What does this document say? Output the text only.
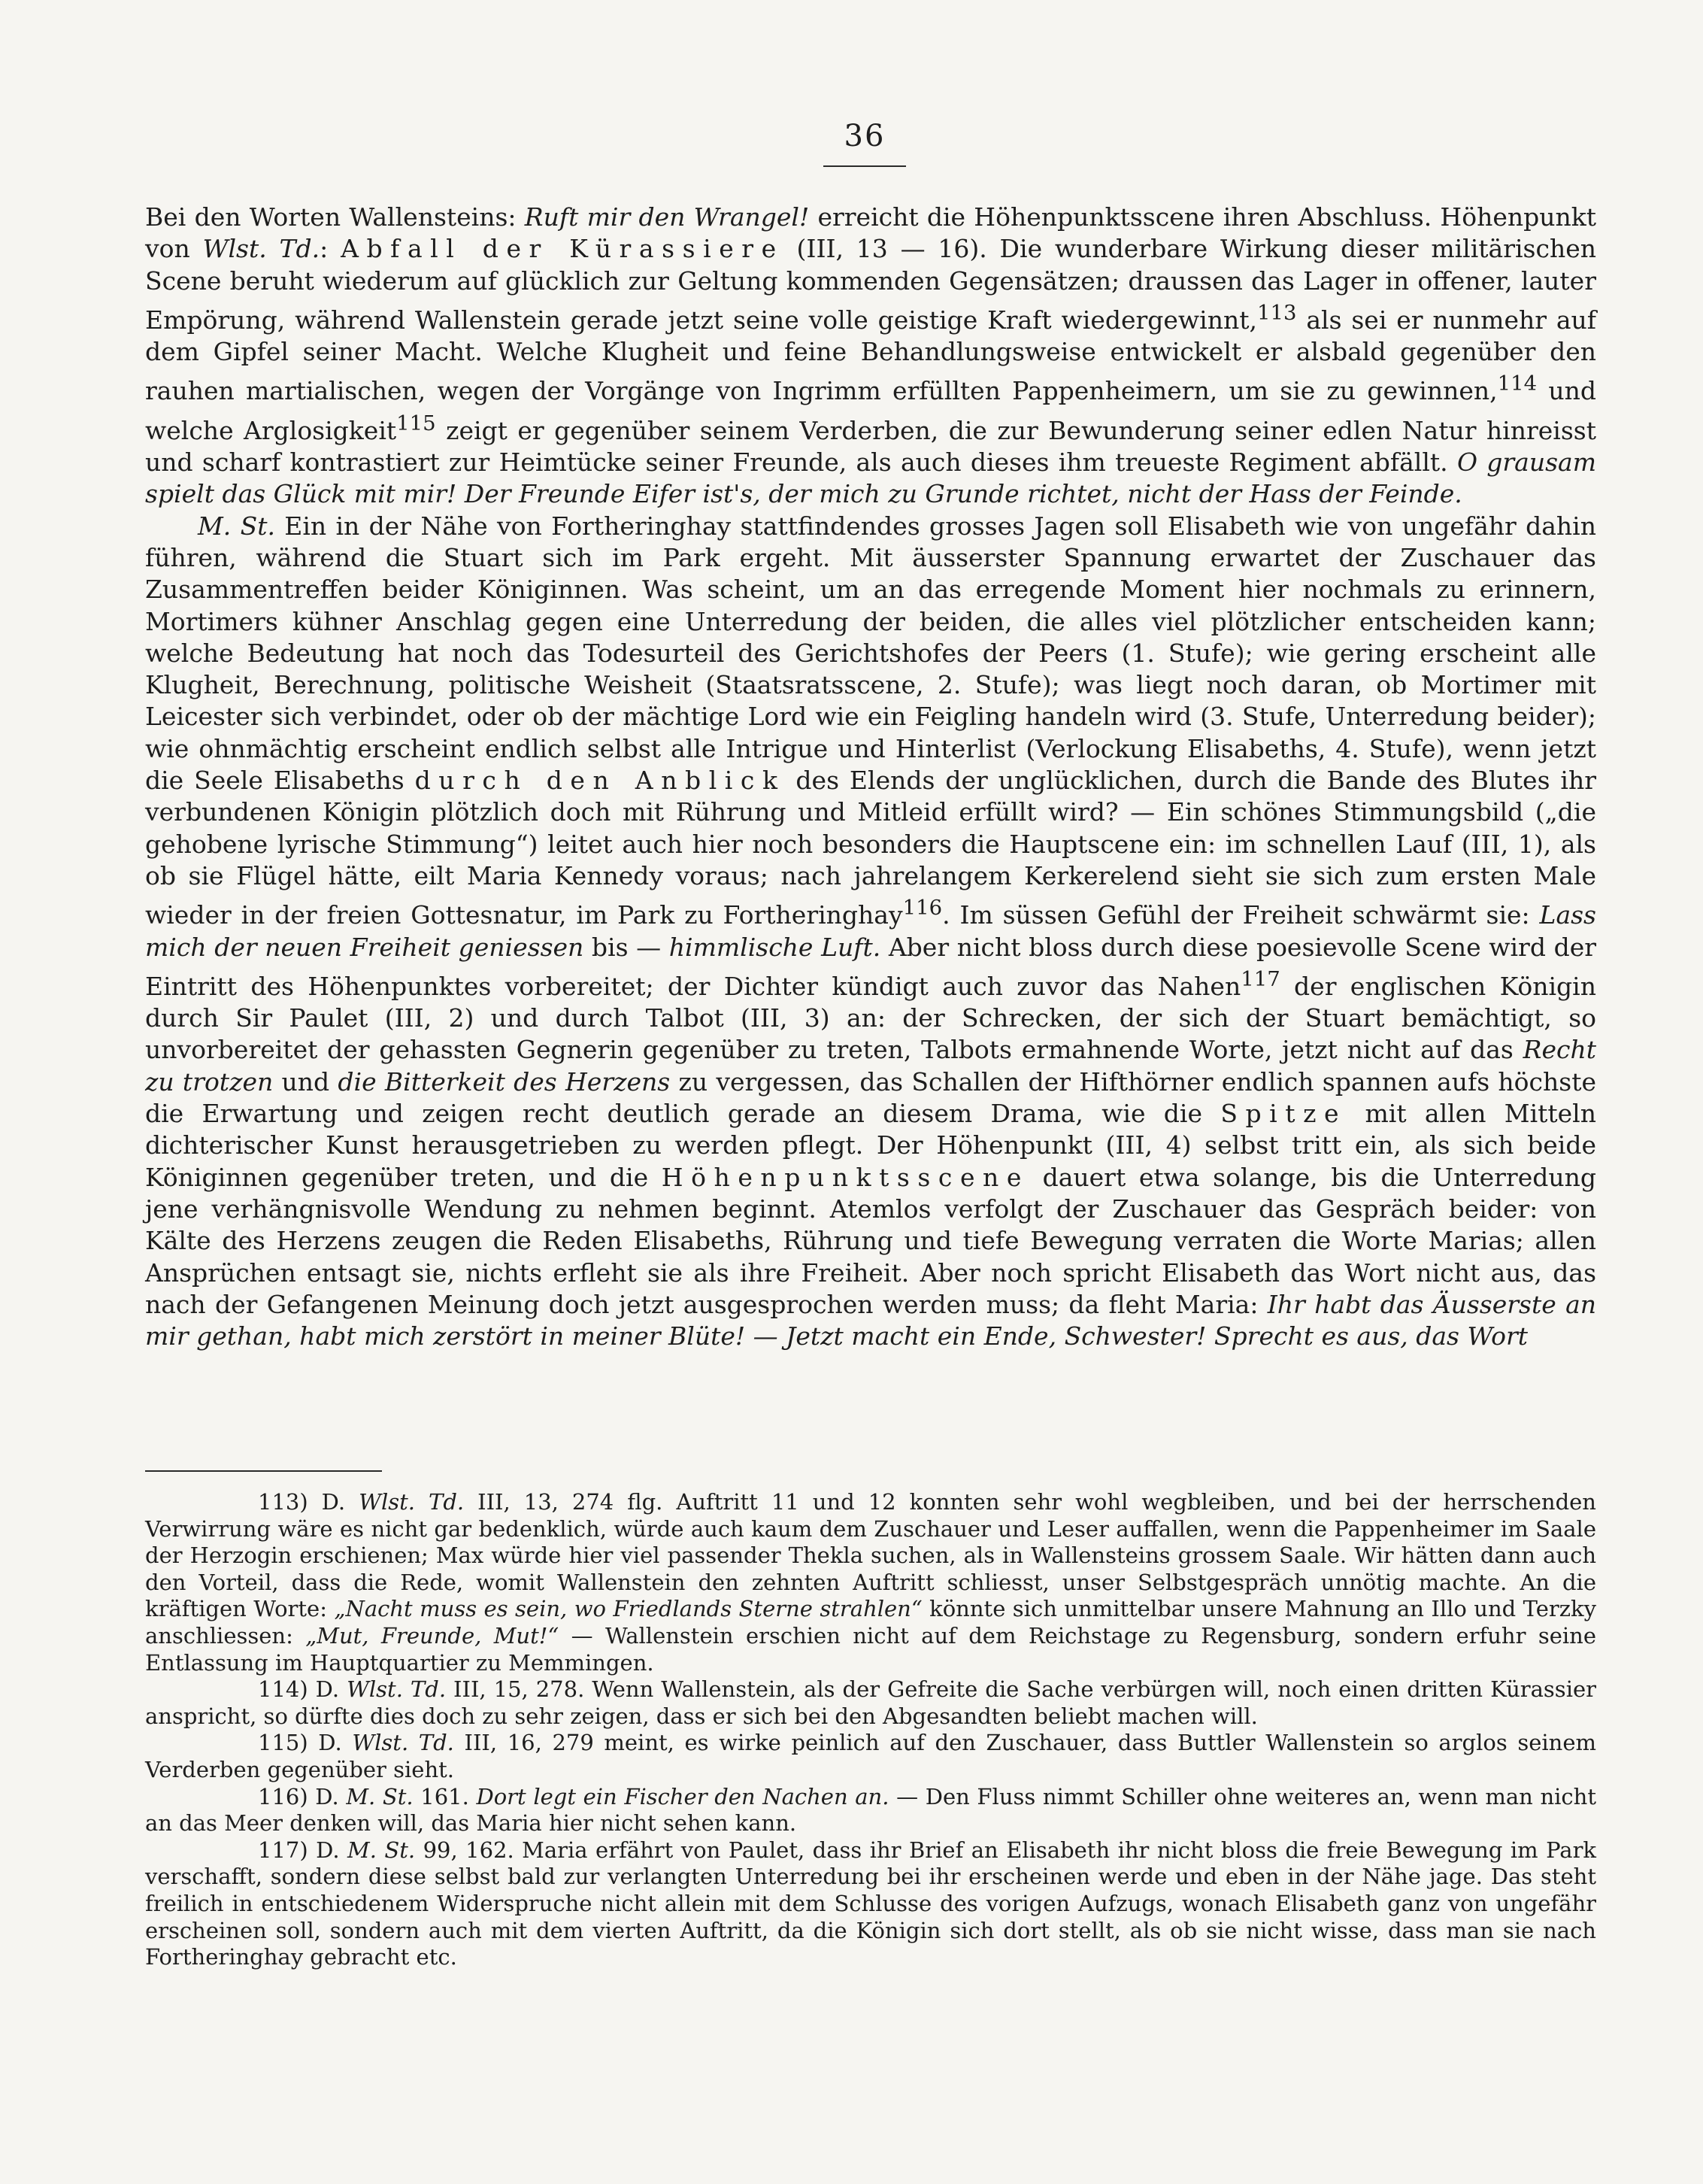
36

Bei den Worten Wallensteins: Ruft mir den Wrangel! erreicht die Höhenpunktsscene ihren Abschluss. Höhenpunkt von Wlst. Td.: Abfall der Kürassiere (III, 13 — 16). Die wunderbare Wirkung dieser militärischen Scene beruht wiederum auf glücklich zur Geltung kommenden Gegensätzen; draussen das Lager in offener, lauter Empörung, während Wallenstein gerade jetzt seine volle geistige Kraft wiedergewinnt,$^{113}$ als sei er nunmehr auf dem Gipfel seiner Macht. Welche Klugheit und feine Behandlungsweise entwickelt er alsbald gegenüber den rauhen martialischen, wegen der Vorgänge von Ingrimm erfüllten Pappenheimern, um sie zu gewinnen,$^{114}$ und welche Arglosigkeit$^{115}$ zeigt er gegenüber seinem Verderben, die zur Bewunderung seiner edlen Natur hinreisst und scharf kontrastiert zur Heimtücke seiner Freunde, als auch dieses ihm treueste Regiment abfällt. O grausam spielt das Glück mit mir! Der Freunde Eifer ist's, der mich zu Grunde richtet, nicht der Hass der Feinde.

M. St. Ein in der Nähe von Fortheringhay stattfindendes grosses Jagen soll Elisabeth wie von ungefähr dahin führen, während die Stuart sich im Park ergeht. Mit äusserster Spannung erwartet der Zuschauer das Zusammentreffen beider Königinnen. Was scheint, um an das erregende Moment hier nochmals zu erinnern, Mortimers kühner Anschlag gegen eine Unterredung der beiden, die alles viel plötzlicher entscheiden kann; welche Bedeutung hat noch das Todesurteil des Gerichtshofes der Peers (1. Stufe); wie gering erscheint alle Klugheit, Berechnung, politische Weisheit (Staatsratsscene, 2. Stufe); was liegt noch daran, ob Mortimer mit Leicester sich verbindet, oder ob der mächtige Lord wie ein Feigling handeln wird (3. Stufe, Unterredung beider); wie ohnmächtig erscheint endlich selbst alle Intrigue und Hinterlist (Verlockung Elisabeths, 4. Stufe), wenn jetzt die Seele Elisabeths durch den Anblick des Elends der unglücklichen, durch die Bande des Blutes ihr verbundenen Königin plötzlich doch mit Rührung und Mitleid erfüllt wird? — Ein schönes Stimmungsbild („die gehobene lyrische Stimmung“) leitet auch hier noch besonders die Hauptscene ein: im schnellen Lauf (III, 1), als ob sie Flügel hätte, eilt Maria Kennedy voraus; nach jahrelangem Kerkerelend sieht sie sich zum ersten Male wieder in der freien Gottesnatur, im Park zu Fortheringhay$^{116}$. Im süssen Gefühl der Freiheit schwärmt sie: Lass mich der neuen Freiheit geniessen bis — himmlische Luft. Aber nicht bloss durch diese poesievolle Scene wird der Eintritt des Höhenpunktes vorbereitet; der Dichter kündigt auch zuvor das Nahen$^{117}$ der englischen Königin durch Sir Paulet (III, 2) und durch Talbot (III, 3) an: der Schrecken, der sich der Stuart bemächtigt, so unvorbereitet der gehassten Gegnerin gegenüber zu treten, Talbots ermahnende Worte, jetzt nicht auf das Recht zu trotzen und die Bitterkeit des Herzens zu vergessen, das Schallen der Hifthörner endlich spannen aufs höchste die Erwartung und zeigen recht deutlich gerade an diesem Drama, wie die Spitze mit allen Mitteln dichterischer Kunst herausgetrieben zu werden pflegt. Der Höhenpunkt (III, 4) selbst tritt ein, als sich beide Königinnen gegenüber treten, und die Höhenpunktsscene dauert etwa solange, bis die Unterredung jene verhängnisvolle Wendung zu nehmen beginnt. Atemlos verfolgt der Zuschauer das Gespräch beider: von Kälte des Herzens zeugen die Reden Elisabeths, Rührung und tiefe Bewegung verraten die Worte Marias; allen Ansprüchen entsagt sie, nichts erfleht sie als ihre Freiheit. Aber noch spricht Elisabeth das Wort nicht aus, das nach der Gefangenen Meinung doch jetzt ausgesprochen werden muss; da fleht Maria: Ihr habt das Äusserste an mir gethan, habt mich zerstört in meiner Blüte! — Jetzt macht ein Ende, Schwester! Sprecht es aus, das Wort

113) D. Wlst. Td. III, 13, 274 flg. Auftritt 11 und 12 konnten sehr wohl wegbleiben, und bei der herrschenden Verwirrung wäre es nicht gar bedenklich, würde auch kaum dem Zuschauer und Leser auffallen, wenn die Pappenheimer im Saale der Herzogin erschienen; Max würde hier viel passender Thekla suchen, als in Wallensteins grossem Saale. Wir hätten dann auch den Vorteil, dass die Rede, womit Wallenstein den zehnten Auftritt schliesst, unser Selbstgespräch unnötig machte. An die kräftigen Worte: „Nacht muss es sein, wo Friedlands Sterne strahlen“ könnte sich unmittelbar unsere Mahnung an Illo und Terzky anschliessen: „Mut, Freunde, Mut!“ — Wallenstein erschien nicht auf dem Reichstage zu Regensburg, sondern erfuhr seine Entlassung im Hauptquartier zu Memmingen.

114) D. Wlst. Td. III, 15, 278. Wenn Wallenstein, als der Gefreite die Sache verbürgen will, noch einen dritten Kürassier anspricht, so dürfte dies doch zu sehr zeigen, dass er sich bei den Abgesandten beliebt machen will.

115) D. Wlst. Td. III, 16, 279 meint, es wirke peinlich auf den Zuschauer, dass Buttler Wallenstein so arglos seinem Verderben gegenüber sieht.

116) D. M. St. 161. Dort legt ein Fischer den Nachen an. — Den Fluss nimmt Schiller ohne weiteres an, wenn man nicht an das Meer denken will, das Maria hier nicht sehen kann.

117) D. M. St. 99, 162. Maria erfährt von Paulet, dass ihr Brief an Elisabeth ihr nicht bloss die freie Bewegung im Park verschafft, sondern diese selbst bald zur verlangten Unterredung bei ihr erscheinen werde und eben in der Nähe jage. Das steht freilich in entschiedenem Widerspruche nicht allein mit dem Schlusse des vorigen Aufzugs, wonach Elisabeth ganz von ungefähr erscheinen soll, sondern auch mit dem vierten Auftritt, da die Königin sich dort stellt, als ob sie nicht wisse, dass man sie nach Fortheringhay gebracht etc.
